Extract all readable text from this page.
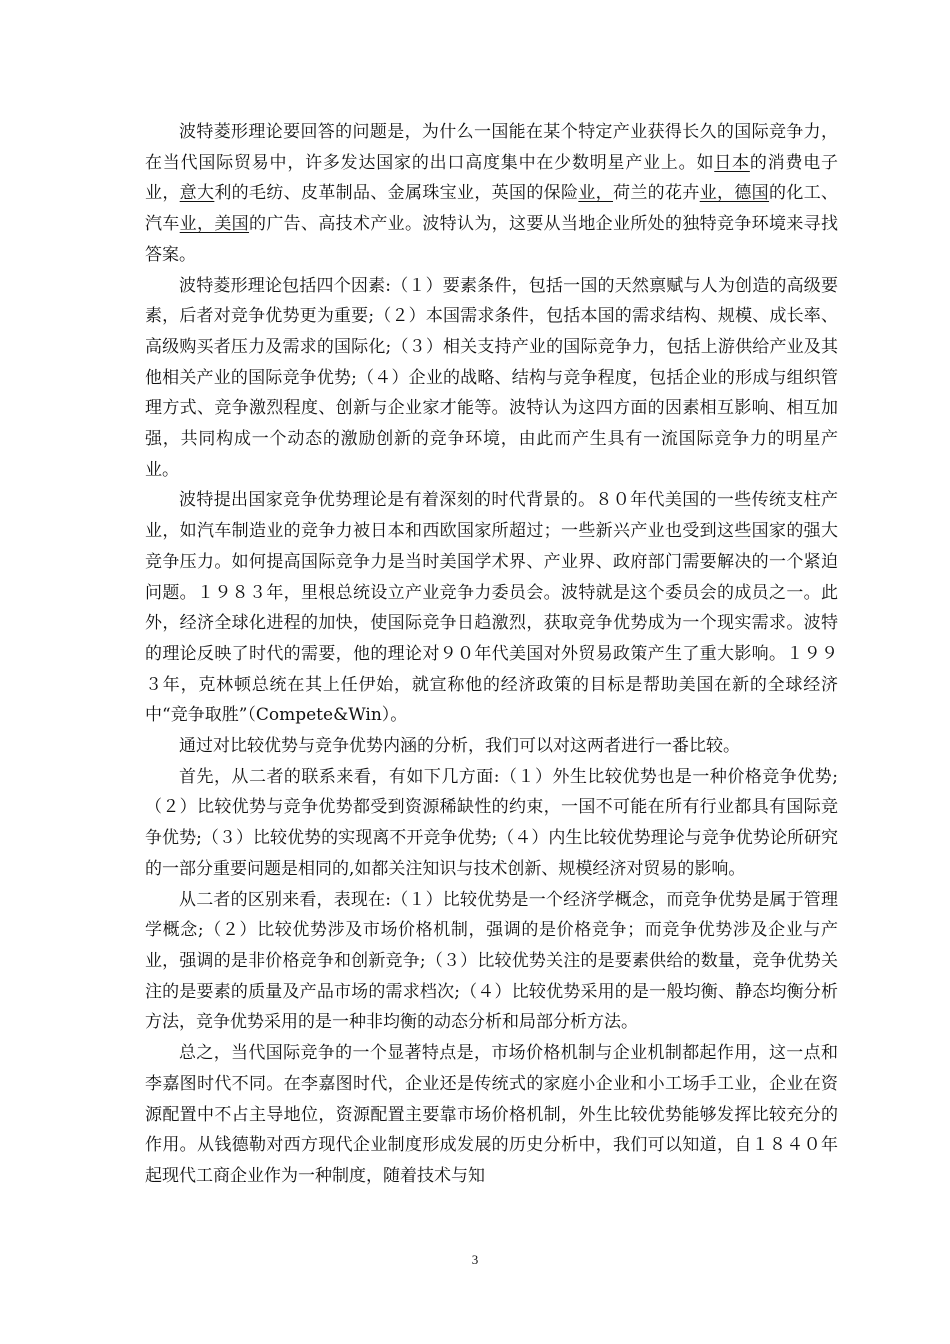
波特菱形理论要回答的问题是，为什么一国能在某个特定产业获得长久的国际竞争力，在当代国际贸易中，许多发达国家的出口高度集中在少数明星产业上。如日本的消费电子业，意大利的毛纺、皮革制品、金属珠宝业，英国的保险业，荷兰的花卉业，德国的化工、汽车业，美国的广告、高技术产业。波特认为，这要从当地企业所处的独特竞争环境来寻找答案。

波特菱形理论包括四个因素:（１）要素条件，包括一国的天然禀赋与人为创造的高级要素，后者对竞争优势更为重要;（２）本国需求条件，包括本国的需求结构、规模、成长率、高级购买者压力及需求的国际化;（３）相关支持产业的国际竞争力，包括上游供给产业及其他相关产业的国际竞争优势;（４）企业的战略、结构与竞争程度，包括企业的形成与组织管理方式、竞争激烈程度、创新与企业家才能等。波特认为这四方面的因素相互影响、相互加强，共同构成一个动态的激励创新的竞争环境，由此而产生具有一流国际竞争力的明星产业。

波特提出国家竞争优势理论是有着深刻的时代背景的。８０年代美国的一些传统支柱产业，如汽车制造业的竞争力被日本和西欧国家所超过；一些新兴产业也受到这些国家的强大竞争压力。如何提高国际竞争力是当时美国学术界、产业界、政府部门需要解决的一个紧迫问题。１９８３年，里根总统设立产业竞争力委员会。波特就是这个委员会的成员之一。此外，经济全球化进程的加快，使国际竞争日趋激烈，获取竞争优势成为一个现实需求。波特的理论反映了时代的需要，他的理论对９０年代美国对外贸易政策产生了重大影响。１９９３年，克林顿总统在其上任伊始，就宣称他的经济政策的目标是帮助美国在新的全球经济中“竞争取胜”（Compete&Win）。

通过对比较优势与竞争优势内涵的分析，我们可以对这两者进行一番比较。

首先，从二者的联系来看，有如下几方面:（１）外生比较优势也是一种价格竞争优势;（２）比较优势与竞争优势都受到资源稀缺性的约束，一国不可能在所有行业都具有国际竞争优势;（３）比较优势的实现离不开竞争优势;（４）内生比较优势理论与竞争优势论所研究的一部分重要问题是相同的,如都关注知识与技术创新、规模经济对贸易的影响。

从二者的区别来看，表现在:（１）比较优势是一个经济学概念，而竞争优势是属于管理学概念;（２）比较优势涉及市场价格机制，强调的是价格竞争；而竞争优势涉及企业与产业，强调的是非价格竞争和创新竞争;（３）比较优势关注的是要素供给的数量，竞争优势关注的是要素的质量及产品市场的需求档次;（４）比较优势采用的是一般均衡、静态均衡分析方法，竞争优势采用的是一种非均衡的动态分析和局部分析方法。

总之，当代国际竞争的一个显著特点是，市场价格机制与企业机制都起作用，这一点和李嘉图时代不同。在李嘉图时代，企业还是传统式的家庭小企业和小工场手工业，企业在资源配置中不占主导地位，资源配置主要靠市场价格机制，外生比较优势能够发挥比较充分的作用。从钱德勒对西方现代企业制度形成发展的历史分析中，我们可以知道，自１８４０年起现代工商企业作为一种制度，随着技术与知

3
